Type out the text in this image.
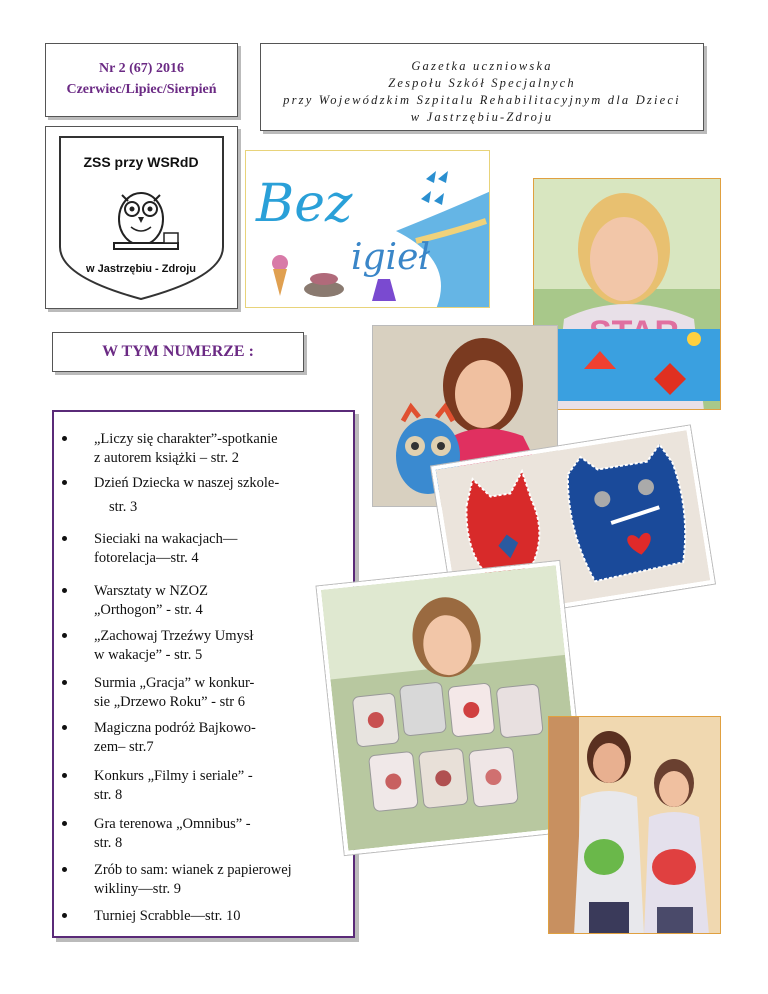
Nr 2 (67) 2016
Czerwiec/Lipiec/Sierpień
Gazetka uczniowska
Zespołu Szkół Specjalnych
przy Wojewódzkim Szpitalu Rehabilitacyjnym dla Dzieci
w Jastrzębiu-Zdroju
ZSS przy WSRdD
w Jastrzębiu - Zdroju
Bez
igieł
W TYM NUMERZE :
„Liczy się charakter”-spotkanie
z autorem książki – str. 2
Dzień Dziecka w naszej szkole-
str. 3
Sieciaki na wakacjach—
fotorelacja—str. 4
Warsztaty w NZOZ
„Orthogon” - str. 4
„Zachowaj Trzeźwy Umysł
w wakacje” - str. 5
Surmia „Gracja” w konkur-
sie „Drzewo Roku” - str 6
Magiczna podróż Bajkowo-
zem– str.7
Konkurs „Filmy i seriale” -
str. 8
Gra terenowa „Omnibus” -
str. 8
Zrób to sam: wianek z papierowej
wikliny—str. 9
Turniej Scrabble—str. 10
